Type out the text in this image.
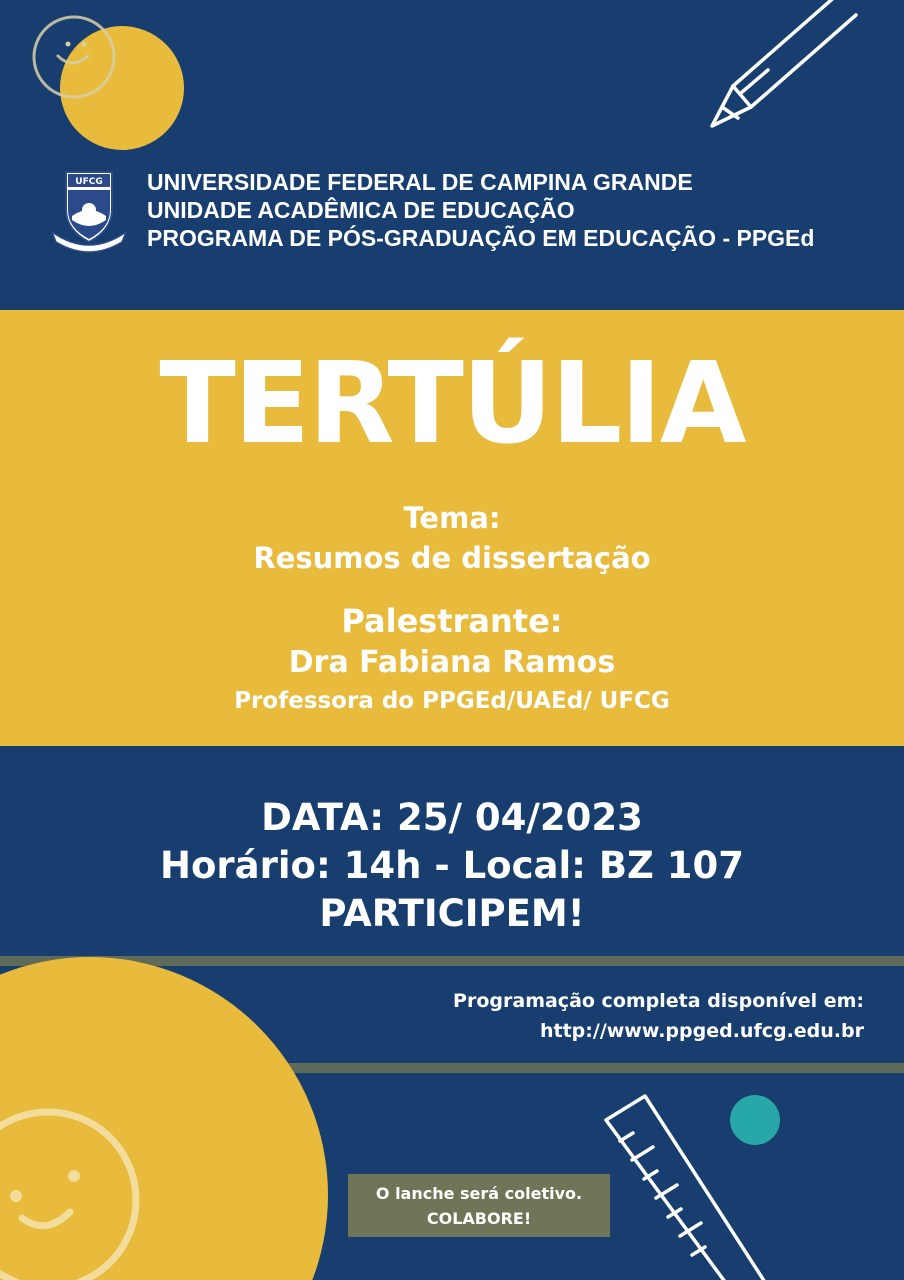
UFCG UNIVERSIDADE FEDERAL DE CAMPINA GRANDE
UNIDADE ACADÊMICA DE EDUCAÇÃO
PROGRAMA DE PÓS-GRADUAÇÃO EM EDUCAÇÃO - PPGEd
TERTÚLIA
Tema:
Resumos de dissertação
Palestrante:
Dra Fabiana Ramos
Professora do PPGEd/UAEd/ UFCG
DATA: 25/ 04/2023
Horário: 14h - Local: BZ 107
PARTICIPEM!
Programação completa disponível em:
http://www.ppged.ufcg.edu.br
O lanche será coletivo.
COLABORE!
